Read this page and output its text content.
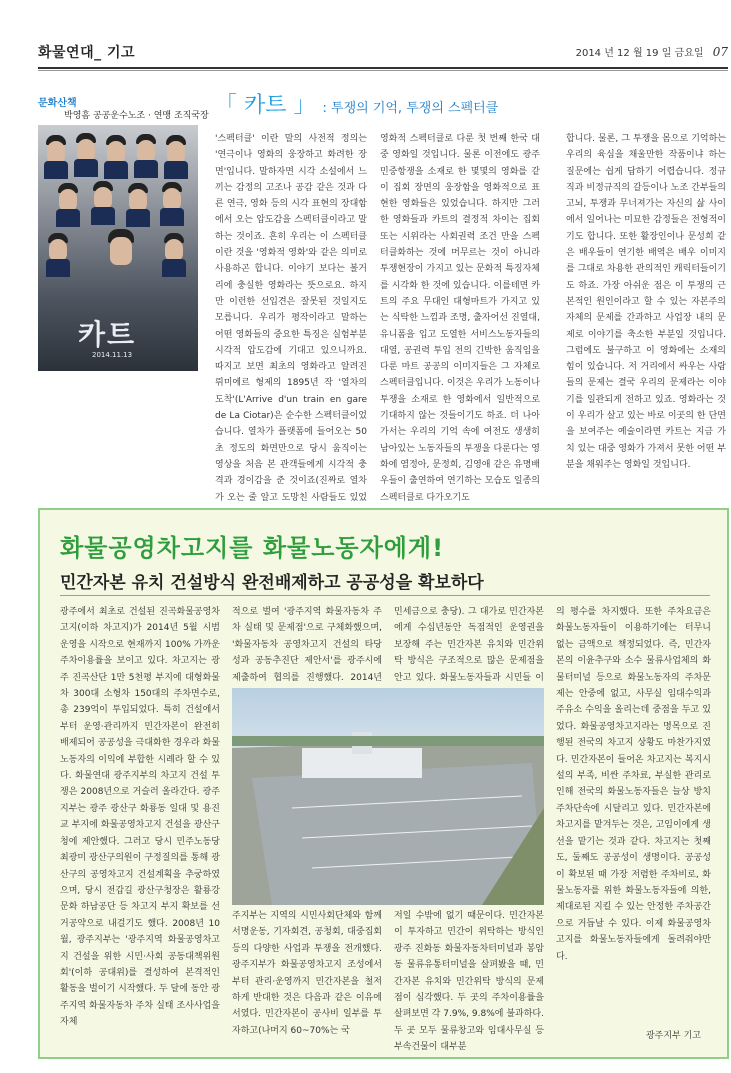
화물연대_ 기고	2014 년 12 월 19 일 금요일 07
문화산책
박영흠 공공운수노조 · 연맹 조직국장
카트
2014.11.13
「 카트 」 : 투쟁의 기억, 투쟁의 스펙터클
'스펙터클' 이란 말의 사전적 정의는 '연극이나 영화의 웅장하고 화려한 장면'입니다. 말하자면 시각 소설에서 느끼는 감정의 고조나 공감 같은 것과 다른 연극, 영화 등의 시각 표현의 장대함에서 오는 압도감을 스펙터클이라고 말하는 것이죠. 흔히 우리는 이 스펙터클이란 것을 '영화적 영화'와 같은 의미로 사용하곤 합니다. 이야기 보다는 볼거리에 충실한 영화라는 뜻으로요. 하지만 이런한 선입견은 잘못된 것일지도 모릅니다. 우리가 평작이라고 말하는 어떤 영화들의 중요한 특징은 실험부분 시각적 압도감에 기대고 있으니까요. 따지고 보면 최초의 영화라고 알려진 뤼미에르 형제의 1895년 작 '열차의 도착'(L'Arrive d'un train en gare de La Ciotar)은 순수한 스펙터클이었습니다. 열차가 플랫폼에 들어오는 50초 정도의 화면만으로 당시 움직이는 영상을 처음 본 관객들에게 시각적 충격과 경이감을 준 것이죠(진짜로 열차가 오는 줄 알고 도망친 사람들도 있었

영화적 스펙터클로 다룬 첫 번째 한국 대중 영화일 것입니다. 물론 이전에도 광주민중항쟁을 소재로 한 몇몇의 영화를 같이 집회 장면의 웅장함을 영화적으로 표현한 영화들은 있었습니다. 하지만 그러한 영화들과 카트의 결정적 차이는 집회 또는 시위라는 사회권력 조건 만을 스펙터클화하는 것에 머무르는 것이 아니라 투쟁현장이 가지고 있는 문화적 특징자체를 시각화 한 것에 있습니다. 이를테면 카트의 주요 무대인 대형마트가 가지고 있는 식탁한 느낌과 조명, 출자어선 진열대, 유니폼을 입고 도열한 서비스노동자들의 대열, 공권력 투입 전의 긴박한 움직임을 다룬 마트 공공의 이미지들은 그 자체로 스펙터클입니다. 이것은 우리가 노동이나 투쟁을 소재로 한 영화에서 일반적으로 기대하지 않는 것들이기도 하죠. 더 나아가서는 우리의 기억 속에 여전도 생생히 남아있는 노동자들의 투쟁을 다룬다는 영화에 염정아, 문정희, 김영애 같은 유명배우들이 출연하여 연기하는 모습도 일종의 스펙터클로 다가오기도
합니다. 물론, 그 투쟁을 몸으로 기억하는 우리의 육심을 채울만한 작품이냐 하는 질문에는 쉽게 답하기 어렵습니다. 정규직과 비정규직의 갈등이나 노조 간부들의 고뇌, 투쟁과 무너져가는 자신의 삶 사이에서 일어나는 미묘한 감정들은 전형적이기도 합니다. 또한 활장인이나 문성희 같은 배우들이 연기한 배역은 배우 이미지를 그대로 차용한 관의적인 캐릭터들이기도 하죠. 가장 아쉬운 점은 이 투쟁의 근본적인 원인이라고 할 수 있는 자본주의 자체의 문제를 간과하고 사업장 내의 문제로 이야기를 축소한 부분일 것입니다. 그럼에도 불구하고 이 영화에는 소재의 힘이 있습니다. 저 거리에서 싸우는 사람들의 문제는 결국 우리의 문제라는 이야기를 일관되게 전하고 있죠. 영화라는 것이 우리가 살고 있는 바로 이곳의 한 단면을 보여주는 예술이라면 카트는 지금 가치 있는 대중 영화가 가져서 못한 어떤 부분을 채워주는 영화일 것입니다.
화물공영차고지를 화물노동자에게!
민간자본 유치 건설방식 완전배제하고 공공성을 확보하다
광주에서 최초로 건설된 진곡화물공영차고지(이하 차고지)가 2014년 5월 시범운영을 시작으로 현재까지 100% 가까운 주차이용률을 보이고 있다. 차고지는 광주 진곡산단 1만 5천평 부지에 대형화물차 300대 소형차 150대의 주차면수로, 총 239억이 투입되었다. 특히 건설에서부터 운영·관리까지 민간자본이 완전히 배제되어 공공성을 극대화한 경우라 화물노동자의 이익에 부합한 시례라 할 수 있다. 화물연대 광주지부의 차고지 건설 투쟁은 2008년으로 거슬러 올라간다. 광주지부는 광주 광산구 화룡동 일대 및 용진교 부지에 화물공영차고지 건설을 광산구청에 제안했다. 그러고 당시 민주노동당 최광미 광산구의원이 구정질의를 통해 광산구의 공영차고지 건설계획을 추궁하였으며, 당시 전갑길 광산구청장은 활룡강문화 하남공단 등 차고지 부지 확보를 선거공약으로 내걸기도 했다. 2008년 10월, 광주지부는 '광주지역 화물공영차고지 건설을 위한 시민·사회 공동대책위원회'(이하 공대위)를 결성하여 본격적인 활동을 벌이기 시작했다. 두 달에 동안 광주지역 화물자동차 주차 실태 조사사업을 자체
적으로 벌여 '광주지역 화물자동차 주차 실태 및 문제점'으로 구체화했으며, '화물자동차 공영차고지 건설의 타당성과 공동추진단 제안서'를 광주시에 제출하여 협의를 진행했다. 2014년
민세금으로 충당). 그 대가로 민간자본에게 수십년동안 독점적인 운영권을 보장해 주는 민간자본 유치와 민간위탁 방식은 구조적으로 많은 문제점을 안고 있다. 화물노동자들과 시민들 이
주지부는 지역의 시민사회단체와 함께 서명운동, 기자회견, 공청회, 대중집회 등의 다양한 사업과 투쟁을 전개했다. 광주지부가 화물공영차고지 조성에서부터 관리·운영까지 민간자본을 철저하게 반대한 것은 다음과 같은 이유에서였다. 민간자본이 공사비 일부를 투자하고(나머지 60~70%는 국
저일 수밖에 없기 때문이다. 민간자본이 투자하고 민간이 위탁하는 방식인 광주 진화동 화물자동차터미널과 봉암동 물류유통터미널을 살펴봤을 때, 민간자본 유치와 민간위탁 방식의 문제점이 심각했다. 두 곳의 주차이용률을 살펴보면 각 7.9%, 9.8%에 불과하다. 두 곳 모두 물류창고와 임대사무실 등 부속건물이 대부분
의 평수를 차지했다. 또한 주차요금은 화물노동자들이 이용하기에는 터무니 없는 금액으로 책정되었다. 즉, 민간자본의 이윤추구와 소수 물류사업체의 화물터미널 등으로 화물노동자의 주차문제는 안중에 없고, 사무실 임대수익과 주유소 수익을 올리는데 중점을 두고 있었다. 화물공영차고지라는 명목으로 진행된 전국의 차고지 상황도 마찬가지였다. 민간자본이 들어온 차고지는 복지시설의 부족, 비싼 주차료, 부실한 관리로 인해 전국의 화물노동자들은 늘상 방치주차단속에 시달리고 있다. 민간자본에 차고지를 맡겨두는 것은, 고임이에게 생선을 맡기는 것과 같다. 차고지는 첫째도, 둘째도 공공성이 생명이다. 공공성이 확보된 때 가장 저렴한 주차비로, 화물노동자를 위한 화물노동자들에 의한, 제대로된 지킬 수 있는 안정한 주차공간으로 거듭날 수 있다. 이제 화물공영차고지를 화물노동자들에게 돌려줘야만 다.
광주지부 기고
